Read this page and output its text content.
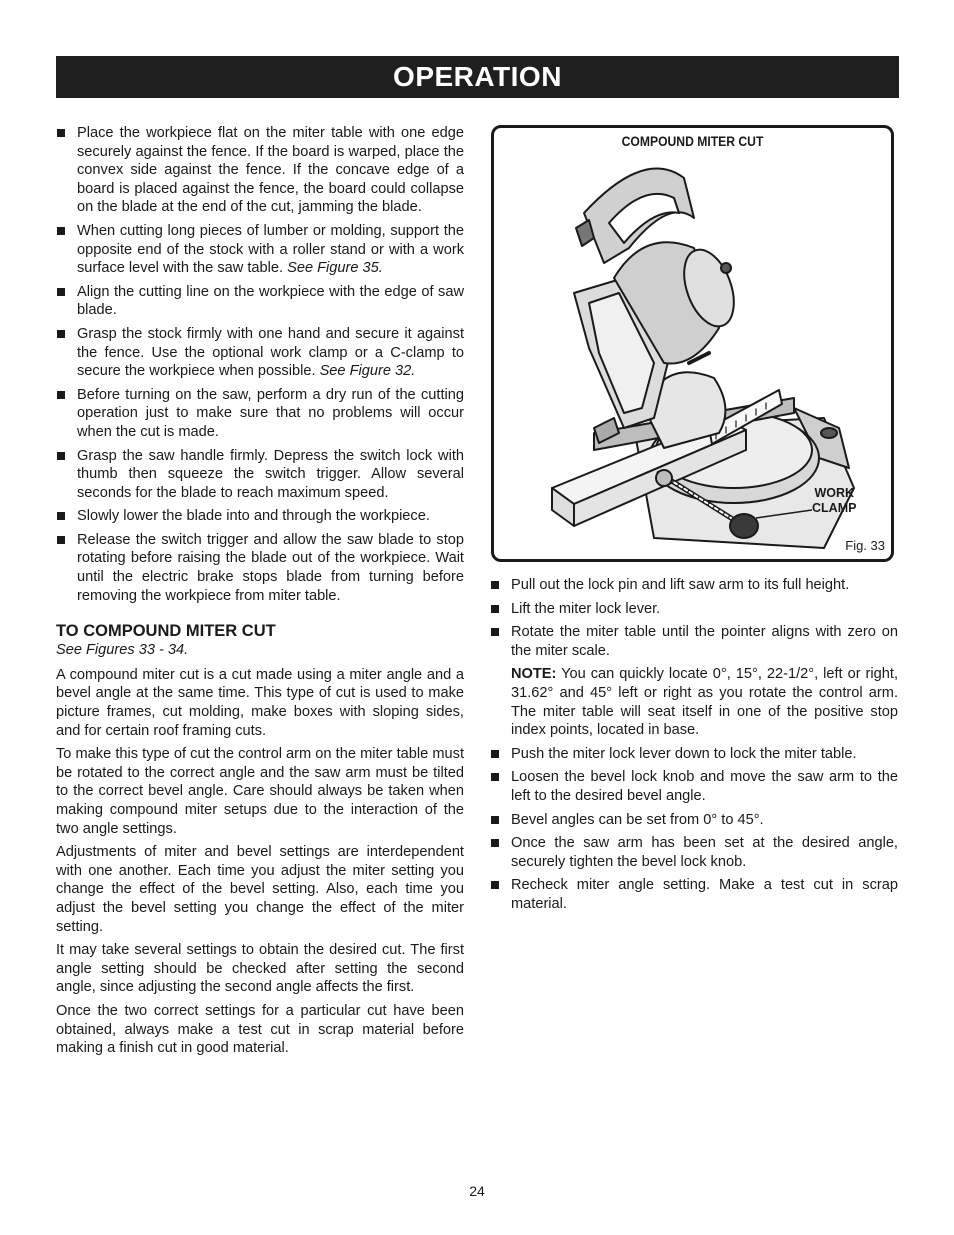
OPERATION
Place the workpiece flat on the miter table with one edge securely against the fence. If the board is warped, place the convex side against the fence. If the concave edge of a board is placed against the fence, the board could collapse on the blade at the end of the cut, jamming the blade.
When cutting long pieces of lumber or molding, support the opposite end of the stock with a roller stand or with a work surface level with the saw table. See Figure 35.
Align the cutting line on the workpiece with the edge of saw blade.
Grasp the stock firmly with one hand and secure it against the fence. Use the optional work clamp or a C-clamp to secure the workpiece when possible. See Figure 32.
Before turning on the saw, perform a dry run of the cutting operation just to make sure that no problems will occur when the cut is made.
Grasp the saw handle firmly. Depress the switch lock with thumb then squeeze the switch trigger. Allow several seconds for the blade to reach maximum speed.
Slowly lower the blade into and through the workpiece.
Release the switch trigger and allow the saw blade to stop rotating before raising the blade out of the workpiece. Wait until the electric brake stops blade from turning before removing the workpiece from miter table.
TO COMPOUND MITER CUT
See Figures 33 - 34.

A compound miter cut is a cut made using a miter angle and a bevel angle at the same time. This type of cut is used to make picture frames, cut molding, make boxes with sloping sides, and for certain roof framing cuts.

To make this type of cut the control arm on the miter table must be rotated to the correct angle and the saw arm must be tilted to the correct bevel angle. Care should always be taken when making compound miter setups due to the interaction of the two angle settings.

Adjustments of miter and bevel settings are interdependent with one another. Each time you adjust the miter setting you change the effect of the bevel setting. Also, each time you adjust the bevel setting you change the effect of the miter setting.

It may take several settings to obtain the desired cut. The first angle setting should be checked after setting the second angle, since adjusting the second angle affects the first.

Once the two correct settings for a particular cut have been obtained, always make a test cut in scrap material before making a finish cut in good material.

COMPOUND MITER CUT
WORK
CLAMP
Fig. 33
Pull out the lock pin and lift saw arm to its full height.
Lift the miter lock lever.
Rotate the miter table until the pointer aligns with zero on the miter scale.

NOTE: You can quickly locate 0°, 15°, 22-1/2°, left or right, 31.62° and 45° left or right as you rotate the control arm. The miter table will seat itself in one of the positive stop index points, located in base.

Push the miter lock lever down to lock the miter table.
Loosen the bevel lock knob and move the saw arm to the left to the desired bevel angle.
Bevel angles can be set from 0° to 45°.
Once the saw arm has been set at the desired angle, securely tighten the bevel lock knob.
Recheck miter angle setting. Make a test cut in scrap material.
24
